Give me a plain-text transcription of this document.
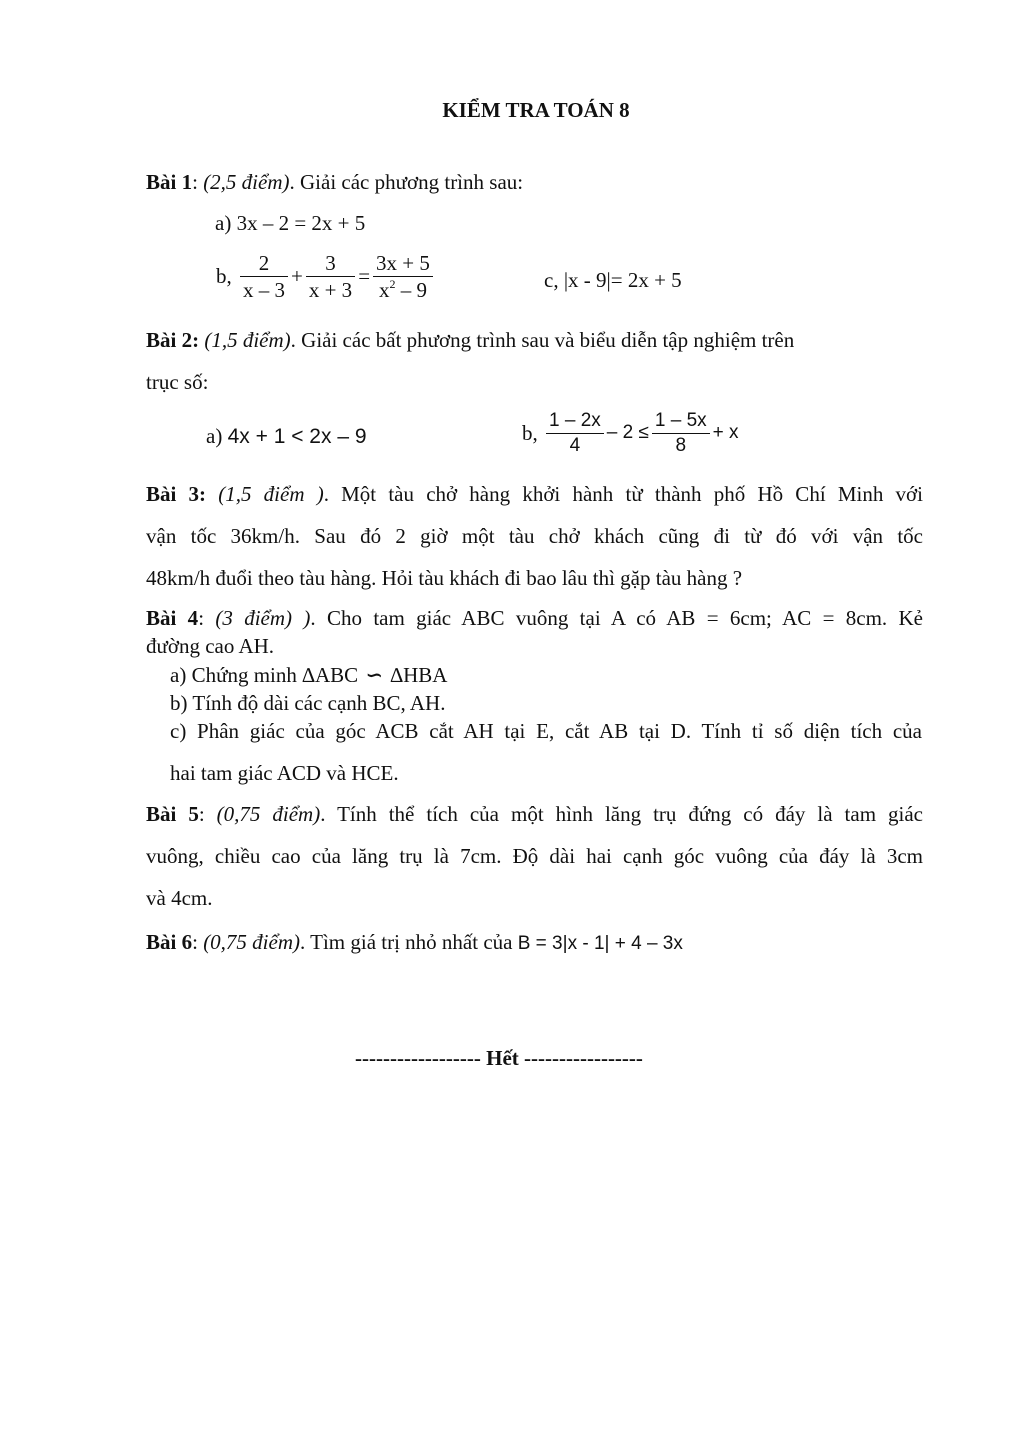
KIỂM TRA TOÁN 8
Bài 1: (2,5 điểm). Giải các phương trình sau:
a) 3x – 2 = 2x + 5
b, $\frac{2}{x - 3} + \frac{3}{x + 3} = \frac{3x + 5}{x^2 - 9}$	c, |x - 9|= 2x + 5
Bài 2: (1,5 điểm). Giải các bất phương trình sau và biểu diễn tập nghiệm trên
trục số:
a) 4x + 1 < 2x – 9	b, $\frac{1 - 2x}{4} - 2 \le \frac{1 - 5x}{8} + x$
Bài 3: (1,5 điểm ). Một tàu chở hàng khởi hành từ thành phố Hồ Chí Minh với
vận tốc 36km/h. Sau đó 2 giờ một tàu chở khách cũng đi từ đó với vận tốc
48km/h đuổi theo tàu hàng. Hỏi tàu khách đi bao lâu thì gặp tàu hàng ?
Bài 4: (3 điểm) ). Cho tam giác ABC vuông tại A có AB = 6cm; AC = 8cm. Kẻ
đường cao AH.
a) Chứng minh ∆ABC ∽ ∆HBA
b) Tính độ dài các cạnh BC, AH.
c) Phân giác của góc ACB cắt AH tại E, cắt AB tại D. Tính tỉ số diện tích của
hai tam giác ACD và HCE.
Bài 5: (0,75 điểm). Tính thể tích của một hình lăng trụ đứng có đáy là tam giác
vuông, chiều cao của lăng trụ là 7cm. Độ dài hai cạnh góc vuông của đáy là 3cm
và 4cm.
Bài 6: (0,75 điểm). Tìm giá trị nhỏ nhất của B = 3|x - 1| + 4 – 3x
------------------ Hết -----------------
